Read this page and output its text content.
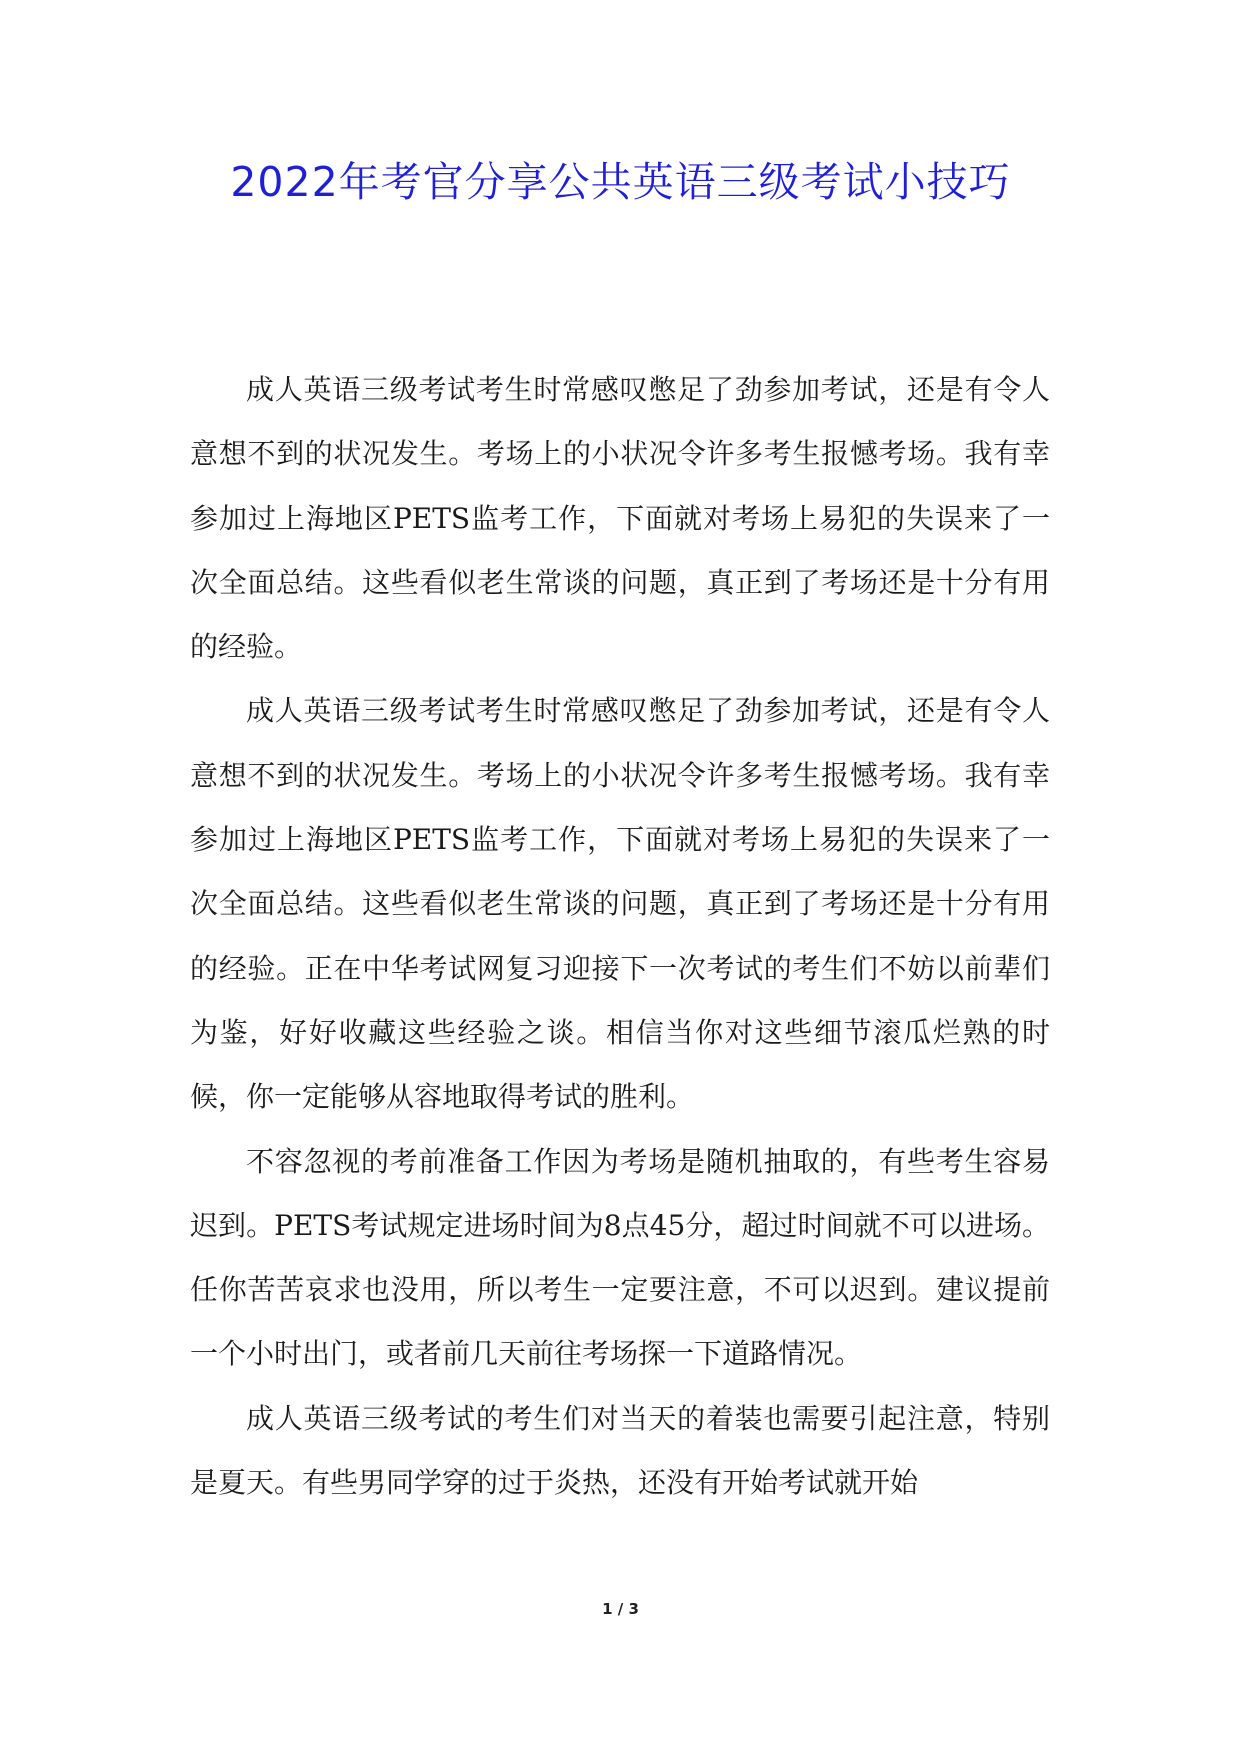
2022年考官分享公共英语三级考试小技巧

成人英语三级考试考生时常感叹憋足了劲参加考试，还是有令人意想不到的状况发生。考场上的小状况令许多考生报憾考场。我有幸参加过上海地区PETS监考工作，下面就对考场上易犯的失误来了一次全面总结。这些看似老生常谈的问题，真正到了考场还是十分有用的经验。

成人英语三级考试考生时常感叹憋足了劲参加考试，还是有令人意想不到的状况发生。考场上的小状况令许多考生报憾考场。我有幸参加过上海地区PETS监考工作，下面就对考场上易犯的失误来了一次全面总结。这些看似老生常谈的问题，真正到了考场还是十分有用的经验。正在中华考试网复习迎接下一次考试的考生们不妨以前辈们为鉴，好好收藏这些经验之谈。相信当你对这些细节滚瓜烂熟的时候，你一定能够从容地取得考试的胜利。

不容忽视的考前准备工作因为考场是随机抽取的，有些考生容易迟到。PETS考试规定进场时间为8点45分，超过时间就不可以进场。任你苦苦哀求也没用，所以考生一定要注意，不可以迟到。建议提前一个小时出门，或者前几天前往考场探一下道路情况。

成人英语三级考试的考生们对当天的着装也需要引起注意，特别是夏天。有些男同学穿的过于炎热，还没有开始考试就开始

1 / 3
